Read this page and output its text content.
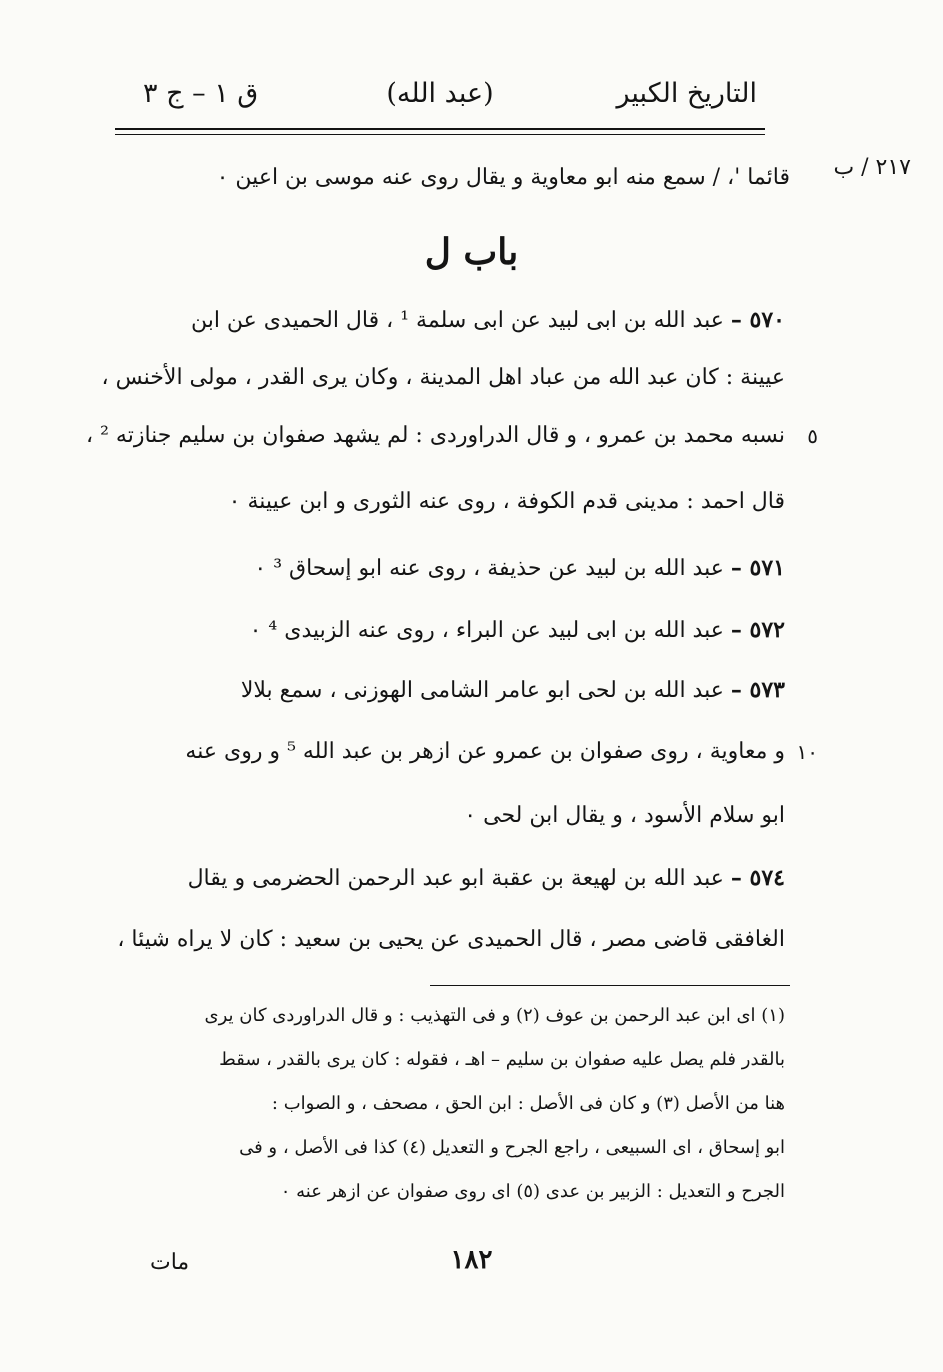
التاريخ الكبير
(عبد الله)
ق ١ – ج ٣
٢١٧ / ب
قائما '، / سمع منه ابو معاوية و يقال روى عنه موسى بن اعين ٠
باب ل
٥٧٠ – عبد الله بن ابى لبيد عن ابى سلمة ¹ ، قال الحميدى عن ابن
عيينة : كان عبد الله من عباد اهل المدينة ، وكان يرى القدر ، مولى الأخنس ،
نسبه محمد بن عمرو ، و قال الدراوردى : لم يشهد صفوان بن سليم جنازته ² ،
قال احمد : مدينى قدم الكوفة ، روى عنه الثورى و ابن عيينة ٠
٥٧١ – عبد الله بن لبيد عن حذيفة ، روى عنه ابو إسحاق ³ ٠
٥٧٢ – عبد الله بن ابى لبيد عن البراء ، روى عنه الزبيدى ⁴ ٠
٥٧٣ – عبد الله بن لحى ابو عامر الشامى الهوزنى ، سمع بلالا
و معاوية ، روى صفوان بن عمرو عن ازهر بن عبد الله ⁵ و روى عنه
ابو سلام الأسود ، و يقال ابن لحى ٠
٥٧٤ – عبد الله بن لهيعة بن عقبة ابو عبد الرحمن الحضرمى و يقال
الغافقى قاضى مصر ، قال الحميدى عن يحيى بن سعيد : كان لا يراه شيئا ،
٥
١٠
(١) اى ابن عبد الرحمن بن عوف (٢) و فى التهذيب : و قال الدراوردى كان يرى
بالقدر فلم يصل عليه صفوان بن سليم – اهـ ، فقوله : كان يرى بالقدر ، سقط
هنا من الأصل (٣) و كان فى الأصل : ابن الحق ، مصحف ، و الصواب :
ابو إسحاق ، اى السبيعى ، راجع الجرح و التعديل (٤) كذا فى الأصل ، و فى
الجرح و التعديل : الزبير بن عدى (٥) اى روى صفوان عن ازهر عنه ٠
١٨٢
مات
